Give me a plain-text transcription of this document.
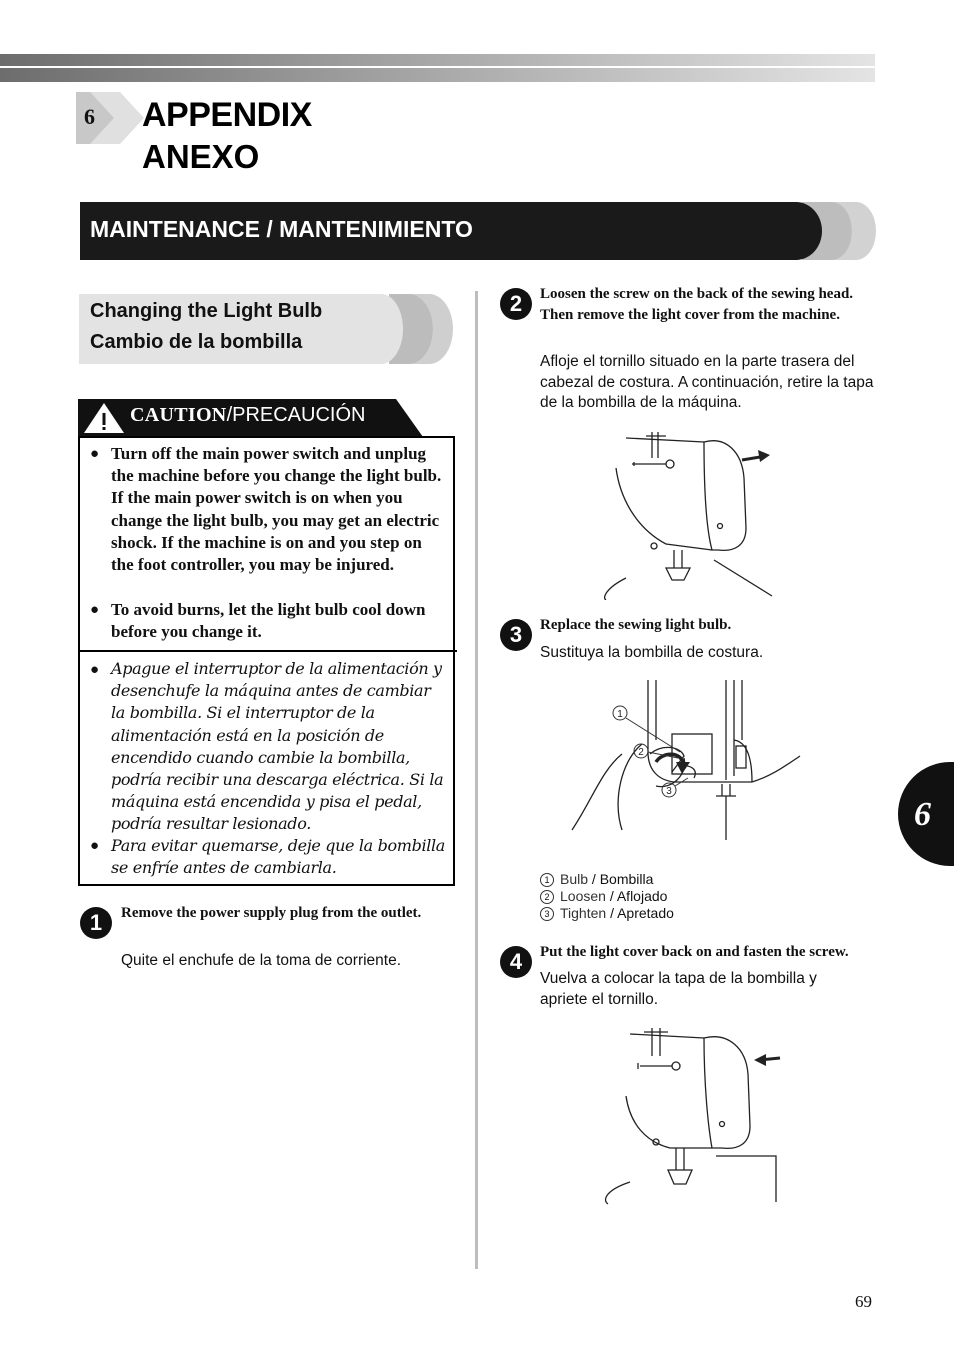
6 APPENDIX
ANEXO
MAINTENANCE / MANTENIMIENTO
Changing the Light Bulb
Cambio de la bombilla
CAUTION/PRECAUCIÓN
● Turn off the main power switch and unplug the machine before you change the light bulb. If the main power switch is on when you change the light bulb, you may get an electric shock. If the machine is on and you step on the foot controller, you may be injured.
● To avoid burns, let the light bulb cool down before you change it.
● Apague el interruptor de la alimentación y desenchufe la máquina antes de cambiar la bombilla. Si el interruptor de la alimentación está en la posición de encendido cuando cambie la bombilla, podría recibir una descarga eléctrica. Si la máquina está encendida y pisa el pedal, podría resultar lesionado.
● Para evitar quemarse, deje que la bombilla se enfríe antes de cambiarla.
1	Remove the power supply plug from the outlet.
Quite el enchufe de la toma de corriente.
2	Loosen the screw on the back of the sewing head. Then remove the light cover from the machine.
Afloje el tornillo situado en la parte trasera del cabezal de costura. A continuación, retire la tapa de la bombilla de la máquina.
3	Replace the sewing light bulb.
Sustituya la bombilla de costura.
1
2
3
1 Bulb / Bombilla
2 Loosen / Aflojado
3 Tighten / Apretado
4	Put the light cover back on and fasten the screw.
Vuelva a colocar la tapa de la bombilla y apriete el tornillo.
6
69
